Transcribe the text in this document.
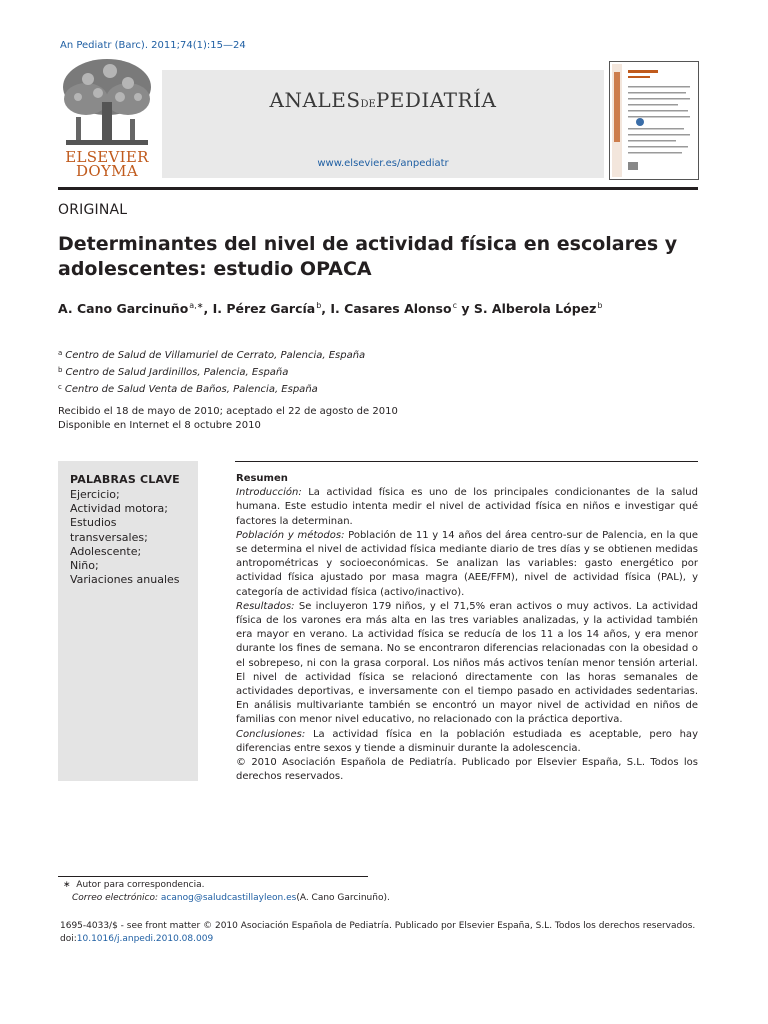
An Pediatr (Barc). 2011;74(1):15—24
ELSEVIER
DOYMA
ANALESDEPEDIATRÍA
www.elsevier.es/anpediatr
ORIGINAL
Determinantes del nivel de actividad física en escolares y adolescentes: estudio OPACA
A. Cano Garcinuño$^{a,∗}$, I. Pérez García$^b$, I. Casares Alonso$^c$ y S. Alberola López$^b$
$^a$ Centro de Salud de Villamuriel de Cerrato, Palencia, España
$^b$ Centro de Salud Jardinillos, Palencia, España
$^c$ Centro de Salud Venta de Baños, Palencia, España
Recibido el 18 de mayo de 2010; aceptado el 22 de agosto de 2010
Disponible en Internet el 8 octubre 2010
PALABRAS CLAVE
Ejercicio;
Actividad motora;
Estudios transversales;
Adolescente;
Niño;
Variaciones anuales

Resumen

Introducción: La actividad física es uno de los principales condicionantes de la salud humana. Este estudio intenta medir el nivel de actividad física en niños e investigar qué factores la determinan.

Población y métodos: Población de 11 y 14 años del área centro-sur de Palencia, en la que se determina el nivel de actividad física mediante diario de tres días y se obtienen medidas antropométricas y socioeconómicas. Se analizan las variables: gasto energético por actividad física ajustado por masa magra (AEE/FFM), nivel de actividad física (PAL), y categoría de actividad física (activo/inactivo).

Resultados: Se incluyeron 179 niños, y el 71,5% eran activos o muy activos. La actividad física de los varones era más alta en las tres variables analizadas, y la actividad también era mayor en verano. La actividad física se reducía de los 11 a los 14 años, y era menor durante los fines de semana. No se encontraron diferencias relacionadas con la obesidad o el sobrepeso, ni con la grasa corporal. Los niños más activos tenían menor tensión arterial. El nivel de actividad física se relacionó directamente con las horas semanales de actividades deportivas, e inversamente con el tiempo pasado en actividades sedentarias. En análisis multivariante también se encontró un mayor nivel de actividad en niños de familias con menor nivel educativo, no relacionado con la práctica deportiva.

Conclusiones: La actividad física en la población estudiada es aceptable, pero hay diferencias entre sexos y tiende a disminuir durante la adolescencia.

© 2010 Asociación Española de Pediatría. Publicado por Elsevier España, S.L. Todos los derechos reservados.

∗ Autor para correspondencia.
Correo electrónico: acanog@saludcastillayleon.es(A. Cano Garcinuño).
1695-4033/$ - see front matter © 2010 Asociación Española de Pediatría. Publicado por Elsevier España, S.L. Todos los derechos reservados.
doi:10.1016/j.anpedi.2010.08.009
